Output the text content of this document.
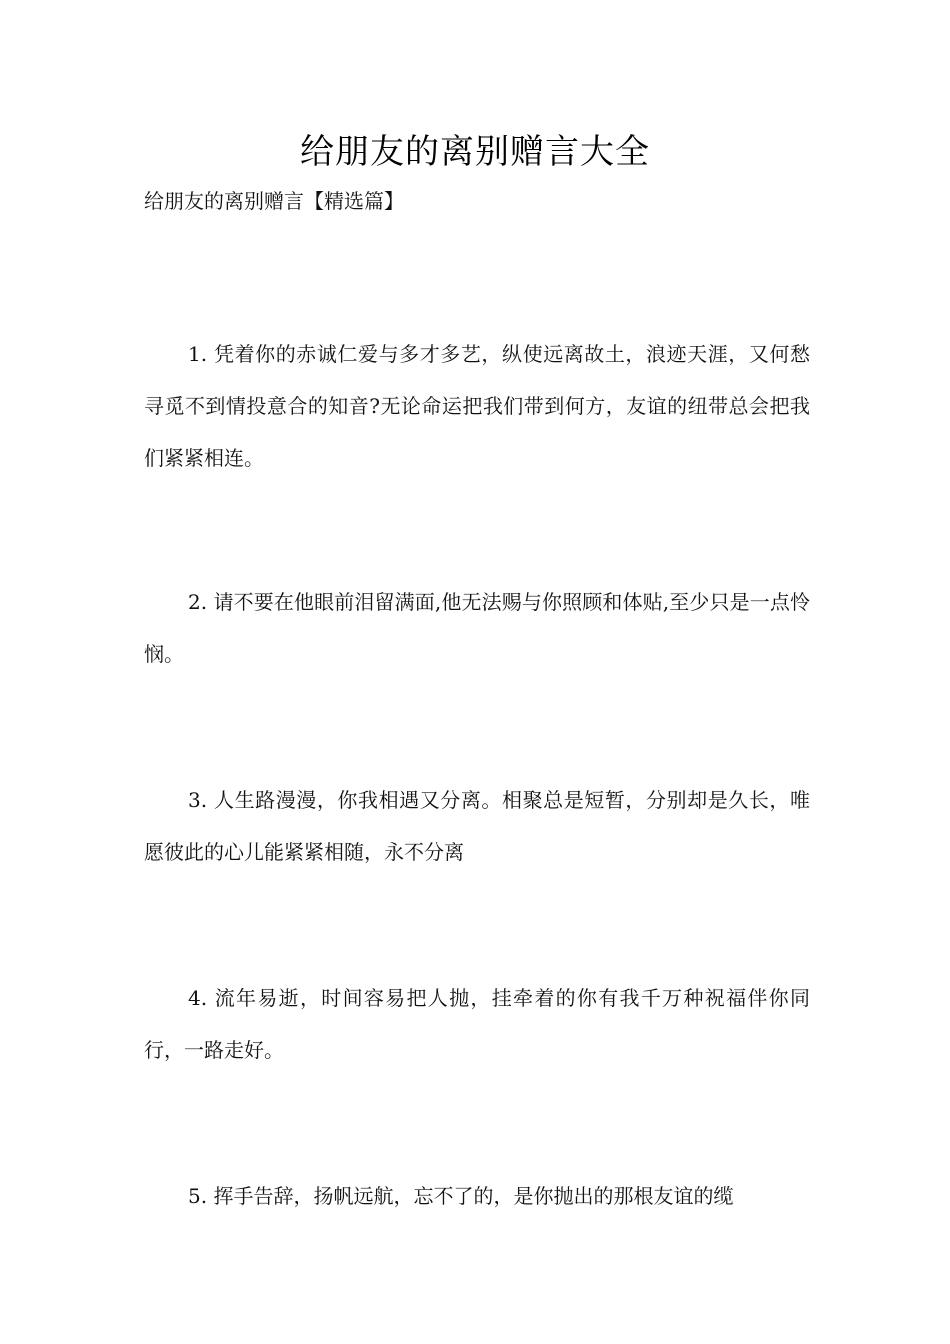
给朋友的离别赠言大全
给朋友的离别赠言【精选篇】

1. 凭着你的赤诚仁爱与多才多艺，纵使远离故土，浪迹天涯，又何愁寻觅不到情投意合的知音?无论命运把我们带到何方，友谊的纽带总会把我们紧紧相连。

2. 请不要在他眼前泪留满面,他无法赐与你照顾和体贴,至少只是一点怜悯。

3. 人生路漫漫，你我相遇又分离。相聚总是短暂，分别却是久长，唯愿彼此的心儿能紧紧相随，永不分离

4. 流年易逝，时间容易把人抛，挂牵着的你有我千万种祝福伴你同行，一路走好。

5. 挥手告辞，扬帆远航，忘不了的，是你抛出的那根友谊的缆
